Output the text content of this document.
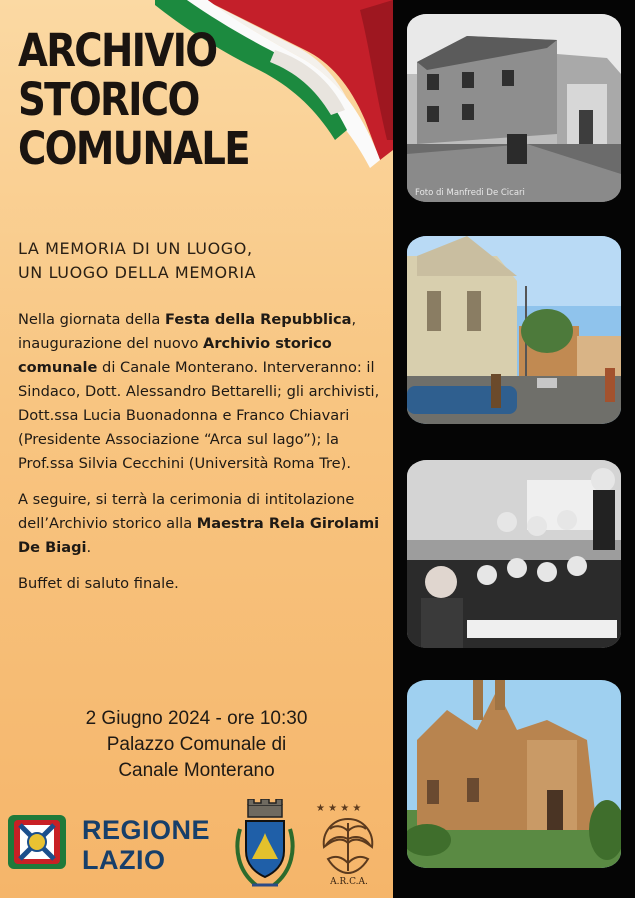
ARCHIVIO
STORICO
COMUNALE

LA MEMORIA DI UN LUOGO,
UN LUOGO DELLA MEMORIA

Nella giornata della Festa della Repubblica, inaugurazione del nuovo Archivio storico comunale di Canale Monterano. Interveranno: il Sindaco, Dott. Alessandro Bettarelli; gli archivisti, Dott.ssa Lucia Buonadonna e Franco Chiavari (Presidente Associazione “Arca sul lago”); la Prof.ssa Silvia Cecchini (Università Roma Tre).

A seguire, si terrà la cerimonia di intitolazione dell’Archivio storico alla Maestra Rela Girolami De Biagi.

Buffet di saluto finale.

2 Giugno 2024 - ore 10:30
Palazzo Comunale di
Canale Monterano
REGIONE
LAZIO
★ ★ ★ ★
A.R.C.A.
Foto di Manfredi De Cicari
